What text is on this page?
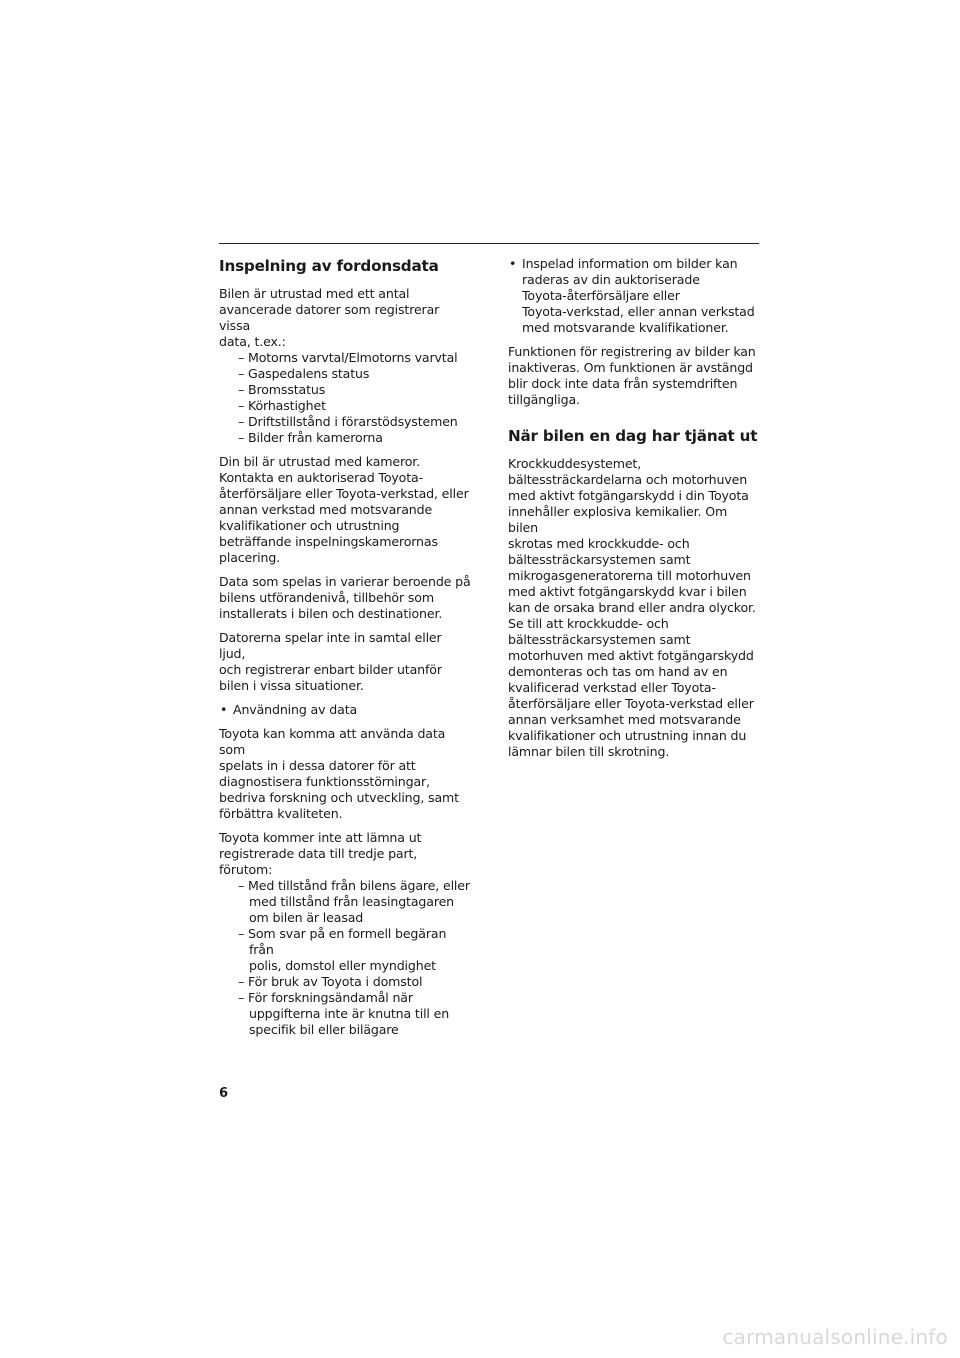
Inspelning av fordonsdata

Bilen är utrustad med ett antal
avancerade datorer som registrerar vissa
data, t.ex.:

– Motorns varvtal/Elmotorns varvtal
– Gaspedalens status
– Bromsstatus
– Körhastighet
– Driftstillstånd i förarstödsystemen
– Bilder från kamerorna

Din bil är utrustad med kameror.
Kontakta en auktoriserad Toyota-
återförsäljare eller Toyota-verkstad, eller
annan verkstad med motsvarande
kvalifikationer och utrustning
beträffande inspelningskamerornas
placering.

Data som spelas in varierar beroende på
bilens utförandenivå, tillbehör som
installerats i bilen och destinationer.

Datorerna spelar inte in samtal eller ljud,
och registrerar enbart bilder utanför
bilen i vissa situationer.

• Användning av data

Toyota kan komma att använda data som
spelats in i dessa datorer för att
diagnostisera funktionsstörningar,
bedriva forskning och utveckling, samt
förbättra kvaliteten.

Toyota kommer inte att lämna ut
registrerade data till tredje part,
förutom:

– Med tillstånd från bilens ägare, eller
med tillstånd från leasingtagaren
om bilen är leasad
– Som svar på en formell begäran från
polis, domstol eller myndighet
– För bruk av Toyota i domstol
– För forskningsändamål när
uppgifterna inte är knutna till en
specifik bil eller bilägare

• Inspelad information om bilder kan
raderas av din auktoriserade
Toyota-återförsäljare eller
Toyota-verkstad, eller annan verkstad
med motsvarande kvalifikationer.

Funktionen för registrering av bilder kan
inaktiveras. Om funktionen är avstängd
blir dock inte data från systemdriften
tillgängliga.

När bilen en dag har tjänat ut

Krockkuddesystemet,
bältessträckardelarna och motorhuven
med aktivt fotgängarskydd i din Toyota
innehåller explosiva kemikalier. Om bilen
skrotas med krockkudde- och
bältessträckarsystemen samt
mikrogasgeneratorerna till motorhuven
med aktivt fotgängarskydd kvar i bilen
kan de orsaka brand eller andra olyckor.
Se till att krockkudde- och
bältessträckarsystemen samt
motorhuven med aktivt fotgängarskydd
demonteras och tas om hand av en
kvalificerad verkstad eller Toyota-
återförsäljare eller Toyota-verkstad eller
annan verksamhet med motsvarande
kvalifikationer och utrustning innan du
lämnar bilen till skrotning.

6
carmanualsonline.info
